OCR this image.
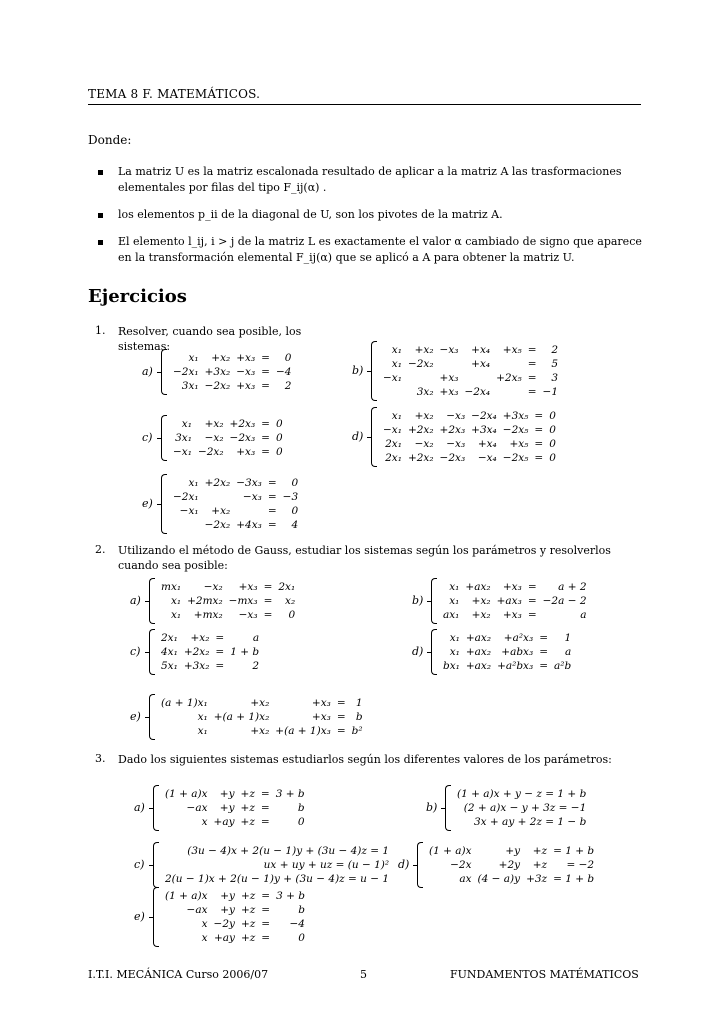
TEMA 8 F. MATEMÁTICOS.
Donde:
La matriz U es la matriz escalonada resultado de aplicar a la matriz A las trasformaciones elementales por filas del tipo F_ij(α) .
los elementos p_ii de la diagonal de U, son los pivotes de la matriz A.
El elemento l_ij, i > j de la matriz L es exactamente el valor α cambiado de signo que aparece en la transformación elemental F_ij(α) que se aplicó a A para obtener la matriz U.
Ejercicios
1. Resolver, cuando sea posible, los sistemas:
2. Utilizando el método de Gauss, estudiar los sistemas según los parámetros y resolverlos cuando sea posible:
3. Dado los siguientes sistemas estudiarlos según los diferentes valores de los parámetros:
a)
x₁	+x₂	+x₃	=	0
−2x₁	+3x₂	−x₃	=	−4
3x₁	−2x₂	+x₃	=	2
b)
x₁	+x₂	−x₃	+x₄	+x₅	=	2
x₁	−2x₂		+x₄		=	5
−x₁		+x₃		+2x₅	=	3
	3x₂	+x₃	−2x₄		=	−1
c)
x₁	+x₂	+2x₃	=	0
3x₁	−x₂	−2x₃	=	0
−x₁	−2x₂	+x₃	=	0
d)
x₁	+x₂	−x₃	−2x₄	+3x₅	=	0
−x₁	+2x₂	+2x₃	+3x₄	−2x₅	=	0
2x₁	−x₂	−x₃	+x₄	+x₅	=	0
2x₁	+2x₂	−2x₃	−x₄	−2x₅	=	0
e)
x₁	+2x₂	−3x₃	=	0
−2x₁		−x₃	=	−3
−x₁	+x₂		=	0
	−2x₂	+4x₃	=	4
a)
mx₁	−x₂	+x₃	=	2x₁
x₁	+2mx₂	−mx₃	=	x₂
x₁	+mx₂	−x₃	=	0
b)
x₁	+ax₂	+x₃	=	a + 2
x₁	+x₂	+ax₃	=	−2a − 2
ax₁	+x₂	+x₃	=	a
c)
2x₁	+x₂	=	a
4x₁	+2x₂	=	1 + b
5x₁	+3x₂	=	2
d)
x₁	+ax₂	+a²x₃	=	1
x₁	+ax₂	+abx₃	=	a
bx₁	+ax₂	+a²bx₃	=	a²b
e)
(a + 1)x₁	+x₂	+x₃	=	1
x₁	+(a + 1)x₂	+x₃	=	b
x₁	+x₂	+(a + 1)x₃	=	b²
a)
(1 + a)x	+y	+z	=	3 + b
−ax	+y	+z	=	b
x	+ay	+z	=	0
b)
(1 + a)x + y − z = 1 + b
(2 + a)x − y + 3z = −1
3x + ay + 2z = 1 − b
c)
(3u − 4)x + 2(u − 1)y + (3u − 4)z = 1
ux + uy + uz = (u − 1)²
2(u − 1)x + 2(u − 1)y + (3u − 4)z = u − 1
d)
(1 + a)x	+y	+z	= 1 + b
−2x	+2y	+z	= −2
ax	(4 − a)y	+3z	= 1 + b
e)
(1 + a)x	+y	+z	=	3 + b
−ax	+y	+z	=	b
x	−2y	+z	=	−4
x	+ay	+z	=	0
I.T.I. MECÁNICA Curso 2006/07	5	FUNDAMENTOS MATÉMATICOS
